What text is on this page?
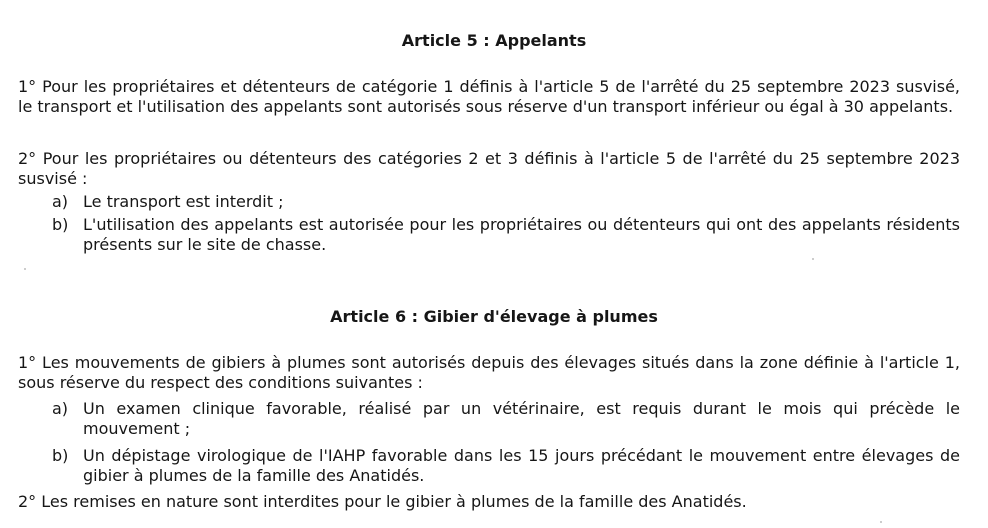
Article 5 : Appelants
1° Pour les propriétaires et détenteurs de catégorie 1 définis à l'article 5 de l'arrêté du 25 septembre 2023 susvisé, le transport et l'utilisation des appelants sont autorisés sous réserve d'un transport inférieur ou égal à 30 appelants.
2° Pour les propriétaires ou détenteurs des catégories 2 et 3 définis à l'article 5 de l'arrêté du 25 septembre 2023 susvisé :
a) Le transport est interdit ;
b) L'utilisation des appelants est autorisée pour les propriétaires ou détenteurs qui ont des appelants résidents présents sur le site de chasse.
Article 6 : Gibier d'élevage à plumes
1° Les mouvements de gibiers à plumes sont autorisés depuis des élevages situés dans la zone définie à l'article 1, sous réserve du respect des conditions suivantes :
a) Un examen clinique favorable, réalisé par un vétérinaire, est requis durant le mois qui précède le mouvement ;
b) Un dépistage virologique de l'IAHP favorable dans les 15 jours précédant le mouvement entre élevages de gibier à plumes de la famille des Anatidés.
2° Les remises en nature sont interdites pour le gibier à plumes de la famille des Anatidés.
